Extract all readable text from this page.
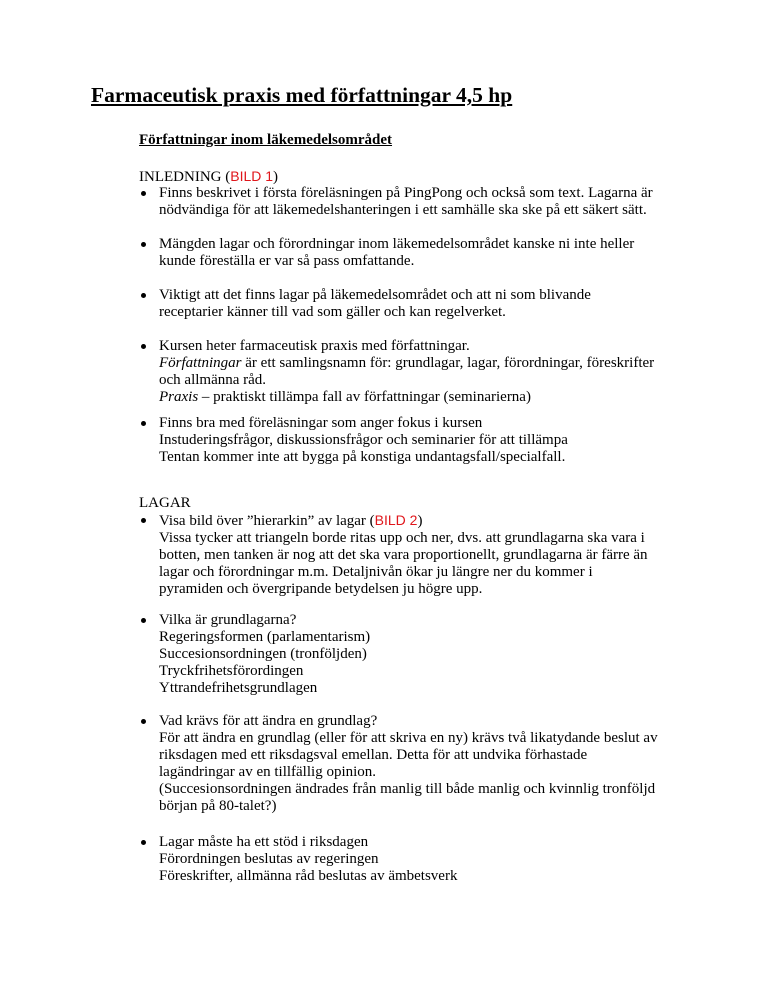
Farmaceutisk praxis med författningar 4,5 hp
Författningar inom läkemedelsområdet
INLEDNING (BILD 1)
Finns beskrivet i första föreläsningen på PingPong och också som text. Lagarna är
nödvändiga för att läkemedelshanteringen i ett samhälle ska ske på ett säkert sätt.
Mängden lagar och förordningar inom läkemedelsområdet kanske ni inte heller
kunde föreställa er var så pass omfattande.
Viktigt att det finns lagar på läkemedelsområdet och att ni som blivande
receptarier känner till vad som gäller och kan regelverket.
Kursen heter farmaceutisk praxis med författningar.
Författningar är ett samlingsnamn för: grundlagar, lagar, förordningar, föreskrifter
och allmänna råd.
Praxis – praktiskt tillämpa fall av författningar (seminarierna)
Finns bra med föreläsningar som anger fokus i kursen
Instuderingsfrågor, diskussionsfrågor och seminarier för att tillämpa
Tentan kommer inte att bygga på konstiga undantagsfall/specialfall.
LAGAR
Visa bild över ”hierarkin” av lagar (BILD 2)
Vissa tycker att triangeln borde ritas upp och ner, dvs. att grundlagarna ska vara i
botten, men tanken är nog att det ska vara proportionellt, grundlagarna är färre än
lagar och förordningar m.m. Detaljnivån ökar ju längre ner du kommer i
pyramiden och övergripande betydelsen ju högre upp.
Vilka är grundlagarna?
Regeringsformen (parlamentarism)
Succesionsordningen (tronföljden)
Tryckfrihetsförordingen
Yttrandefrihetsgrundlagen
Vad krävs för att ändra en grundlag?
För att ändra en grundlag (eller för att skriva en ny) krävs två likatydande beslut av
riksdagen med ett riksdagsval emellan. Detta för att undvika förhastade
lagändringar av en tillfällig opinion.
(Succesionsordningen ändrades från manlig till både manlig och kvinnlig tronföljd
början på 80-talet?)
Lagar måste ha ett stöd i riksdagen
Förordningen beslutas av regeringen
Föreskrifter, allmänna råd beslutas av ämbetsverk
